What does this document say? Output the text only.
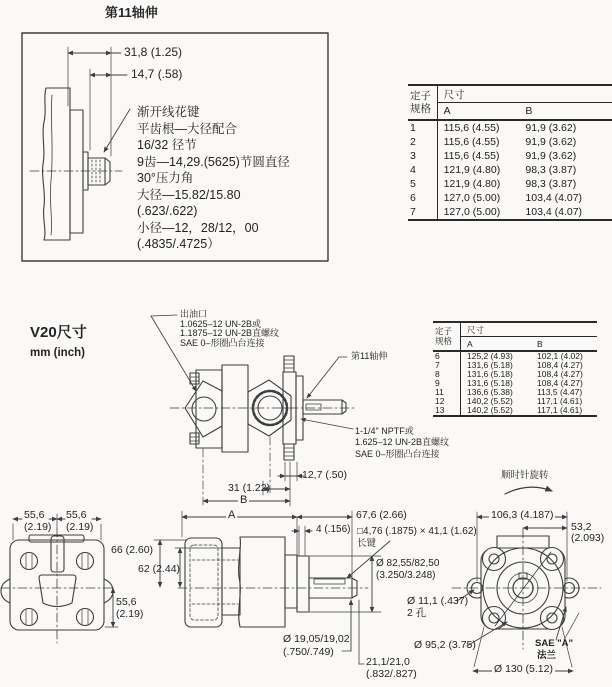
第11轴伸
31,8 (1.25)
14,7 (.58)
渐开线花键
平齿根—大径配合
16/32 径节
9齿—14,29.(5625)节圆直径
30°压力角
大径—15.82/15.80
(.623/.622)
小径—12，28/12，00
(.4835/.4725）
定子
规格	尺寸	
	A	B
1	115,6 (4.55)	91,9 (3.62)
2	115,6 (4.55)	91,9 (3.62)
3	115,6 (4.55)	91,9 (3.62)
4	121,9 (4.80)	98,3 (3.87)
5	121,9 (4.80)	98,3 (3.87)
6	127,0 (5.00)	103,4 (4.07)
7	127,0 (5.00)	103,4 (4.07)
定子
规格	尺寸	
	A	B
6	125,2 (4.93)	102,1 (4.02)
7	131,6 (5.18)	108,4 (4.27)
8	131,6 (5.18)	108,4 (4.27)
9	131,6 (5.18)	108,4 (4.27)
11	136,6 (5.38)	113,5 (4.47)
12	140,2 (5.52)	117,1 (4.61)
13	140,2 (5.52)	117,1 (4.61)
V20尺寸
mm (inch)
出油口
1.0625–12 UN-2B或
1.1875–12 UN-2B直螺纹
SAE 0–形圈凸台连接
第11轴伸
1-1/4" NPTF或
1.625–12 UN-2B直螺纹
SAE 0–形圈凸台连接
12,7 (.50)
31 (1.22)
B
A	67,6 (2.66)
4 (.156) □4,76 (.1875) × 41,1 (1.62)
长键
Ø 82,55/82,50
(3.250/3.248)
Ø 19,05/19,02
(.750/.749)
21,1/21,0
(.832/.827)
55,6
(2.19)
55,6
(2.19)
66 (2.60)
62 (2.44)
55,6
(2.19)
顺时针旋转
106,3 (4.187)
53,2
(2.093)
Ø 11,1 (.437)
2 孔
Ø 95,2 (3.75)	SAE "A"
法兰
Ø 130 (5.12)
